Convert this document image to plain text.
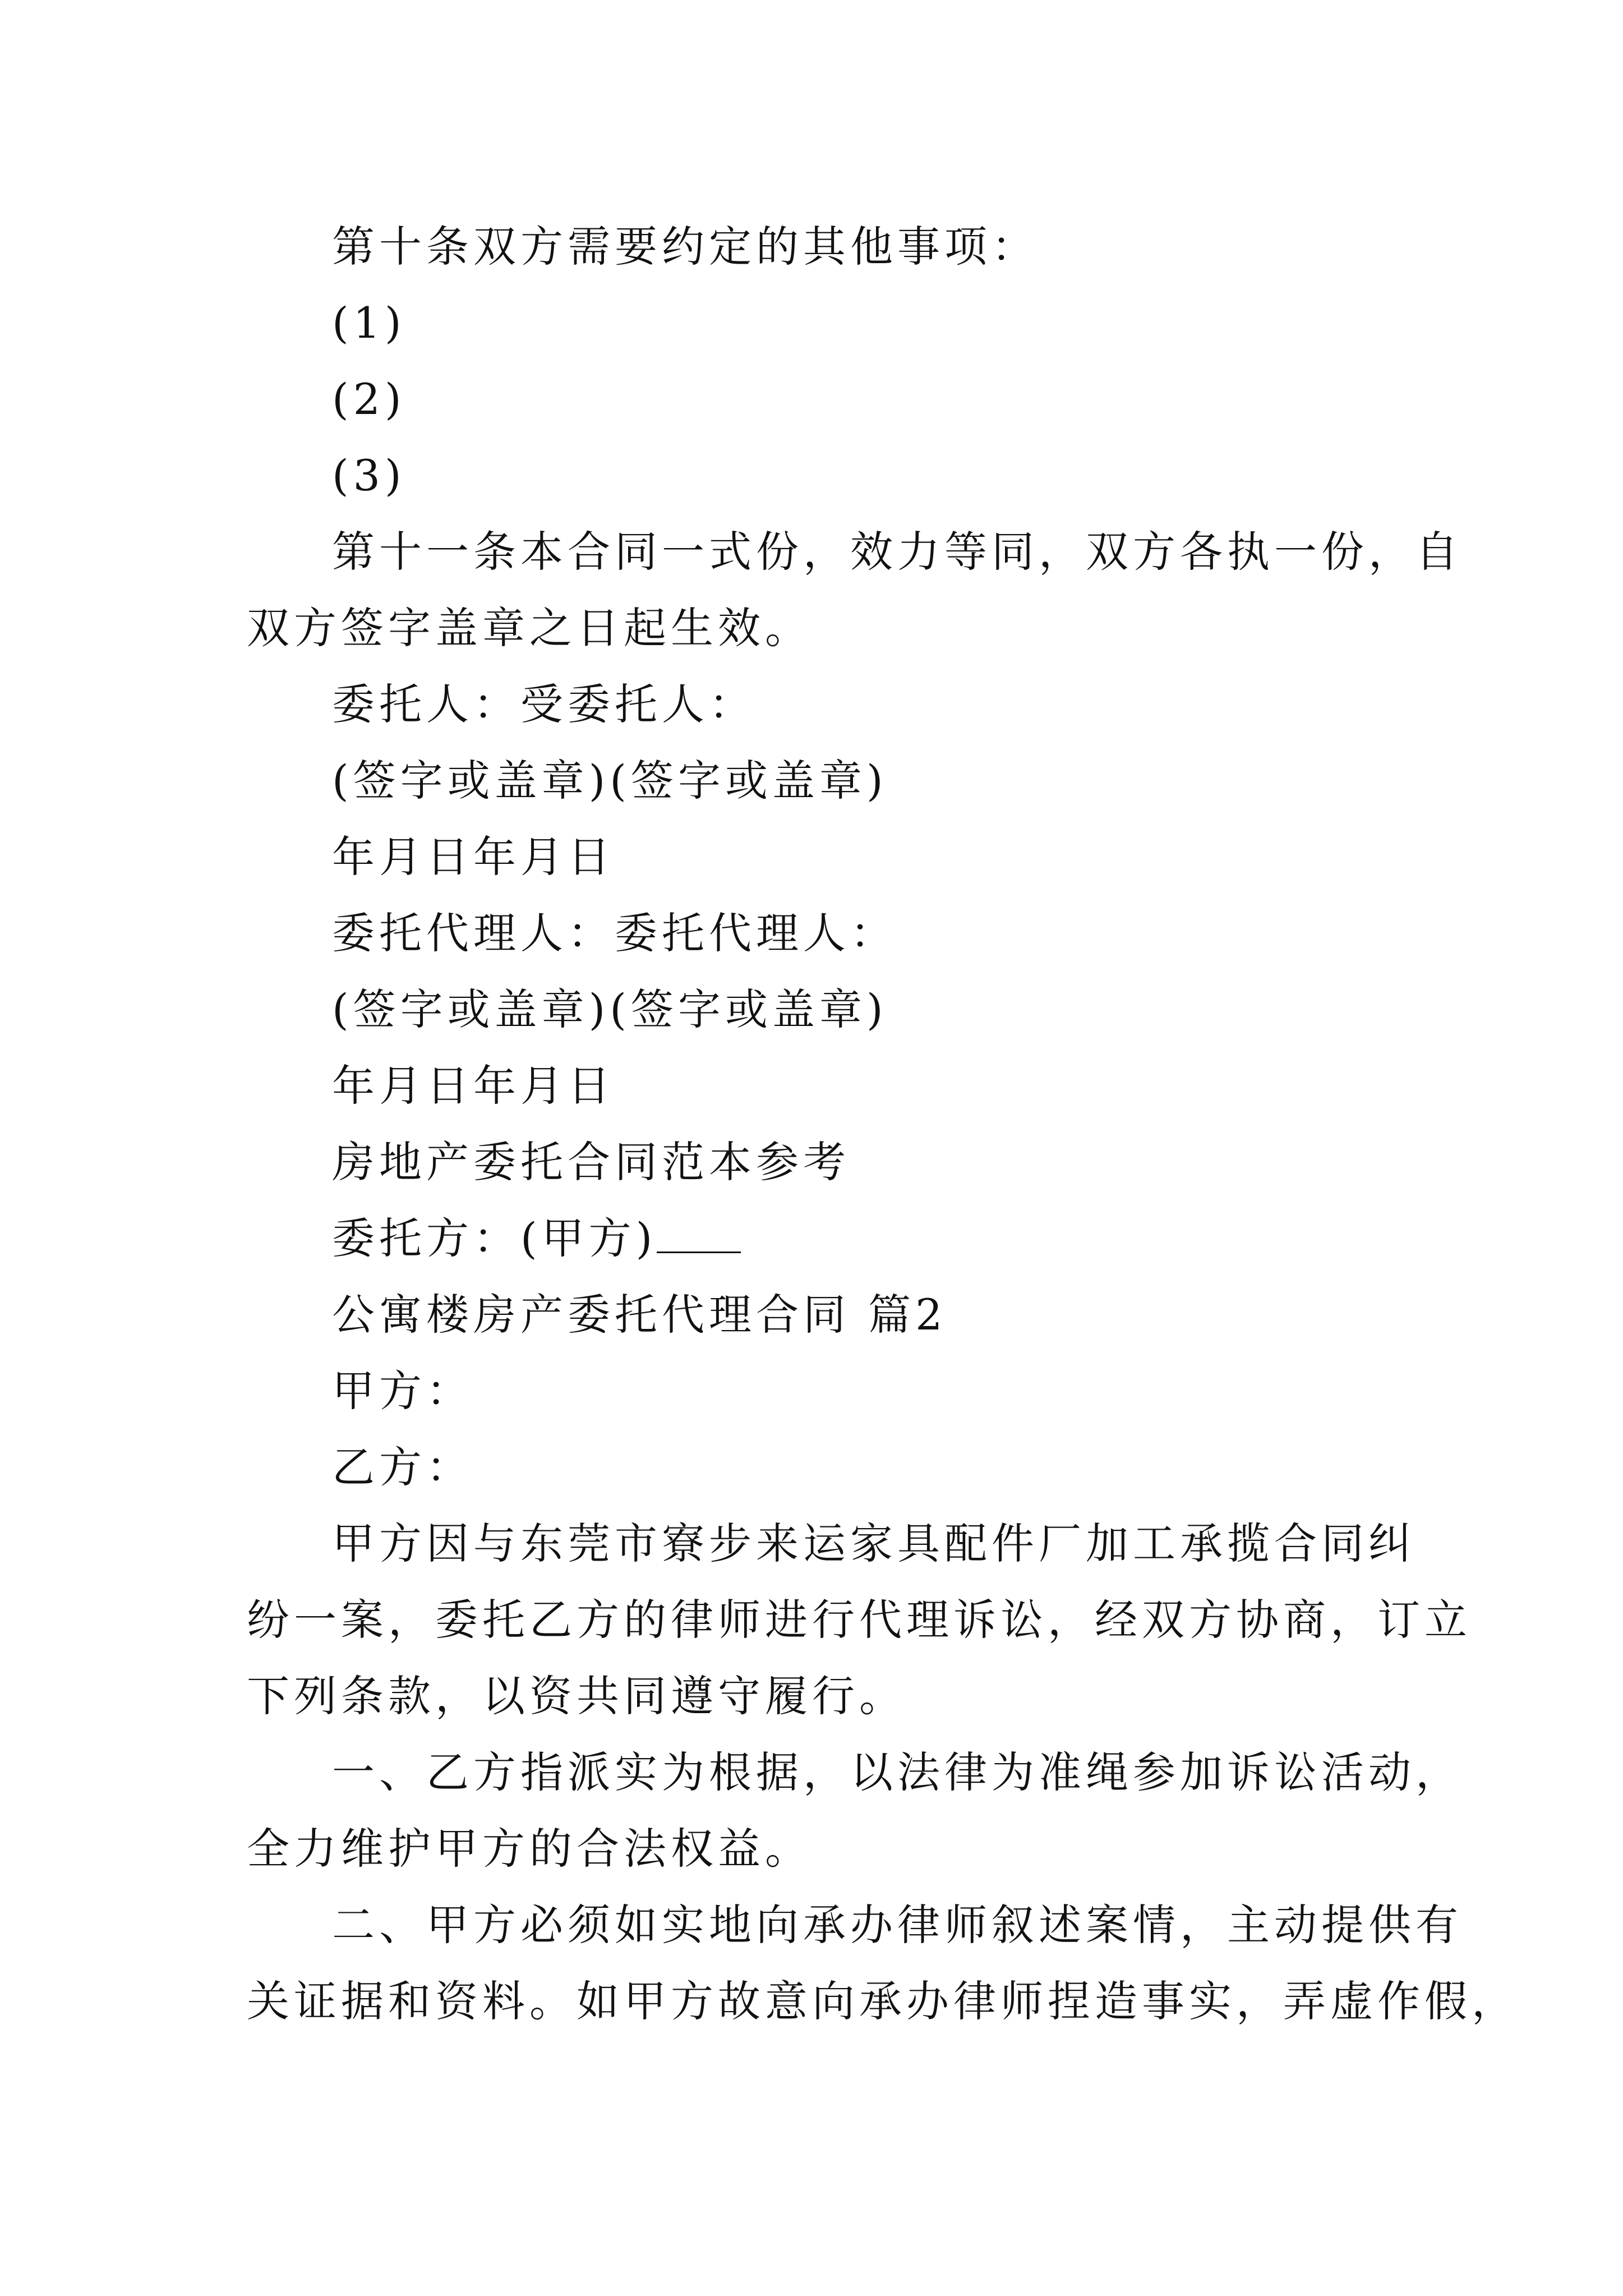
第十条双方需要约定的其他事项：
(1)
(2)
(3)
第十一条本合同一式份，效力等同，双方各执一份，自
双方签字盖章之日起生效。
委托人：受委托人：
(签字或盖章)(签字或盖章)
年月日年月日
委托代理人：委托代理人：
(签字或盖章)(签字或盖章)
年月日年月日
房地产委托合同范本参考
委托方：(甲方)
公寓楼房产委托代理合同 篇2
甲方：
乙方：
甲方因与东莞市寮步来运家具配件厂加工承揽合同纠
纷一案，委托乙方的律师进行代理诉讼，经双方协商，订立
下列条款，以资共同遵守履行。
一、乙方指派实为根据，以法律为准绳参加诉讼活动，
全力维护甲方的合法权益。
二、甲方必须如实地向承办律师叙述案情，主动提供有
关证据和资料。如甲方故意向承办律师捏造事实，弄虚作假，
